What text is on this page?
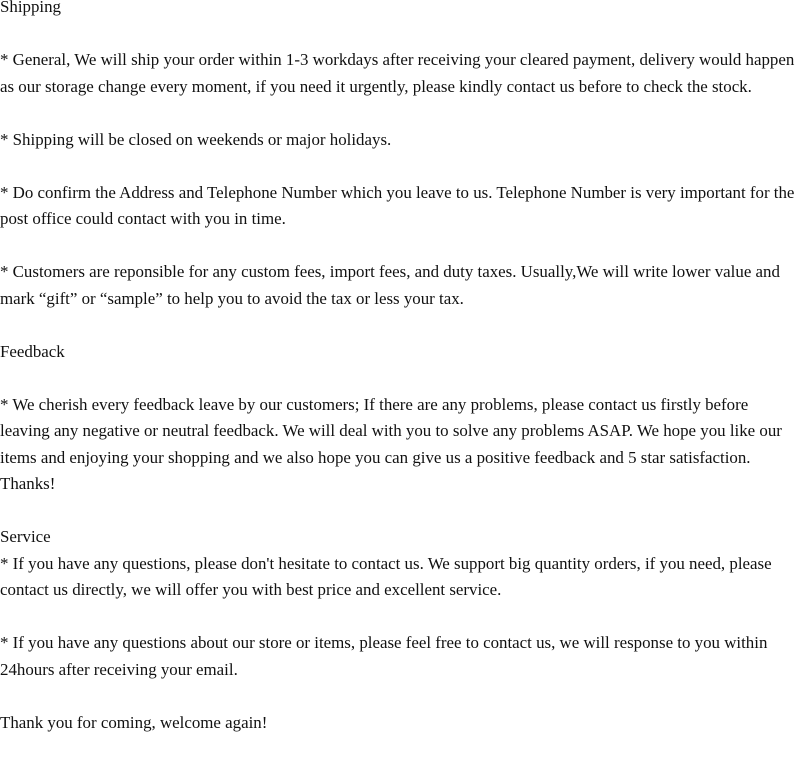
Shipping

* General, We will ship your order within 1-3 workdays after receiving your cleared payment, delivery would happen as our storage change every moment, if you need it urgently, please kindly contact us before to check the stock.

* Shipping will be closed on weekends or major holidays.

* Do confirm the Address and Telephone Number which you leave to us. Telephone Number is very important for the post office could contact with you in time.

* Customers are reponsible for any custom fees, import fees, and duty taxes. Usually,We will write lower value and mark “gift” or “sample” to help you to avoid the tax or less your tax.

Feedback

* We cherish every feedback leave by our customers; If there are any problems, please contact us firstly before leaving any negative or neutral feedback. We will deal with you to solve any problems ASAP. We hope you like our items and enjoying your shopping and we also hope you can give us a positive feedback and 5 star satisfaction. Thanks!

Service

* If you have any questions, please don't hesitate to contact us. We support big quantity orders, if you need, please contact us directly, we will offer you with best price and excellent service.

* If you have any questions about our store or items, please feel free to contact us, we will response to you within 24hours after receiving your email.

Thank you for coming, welcome again!
